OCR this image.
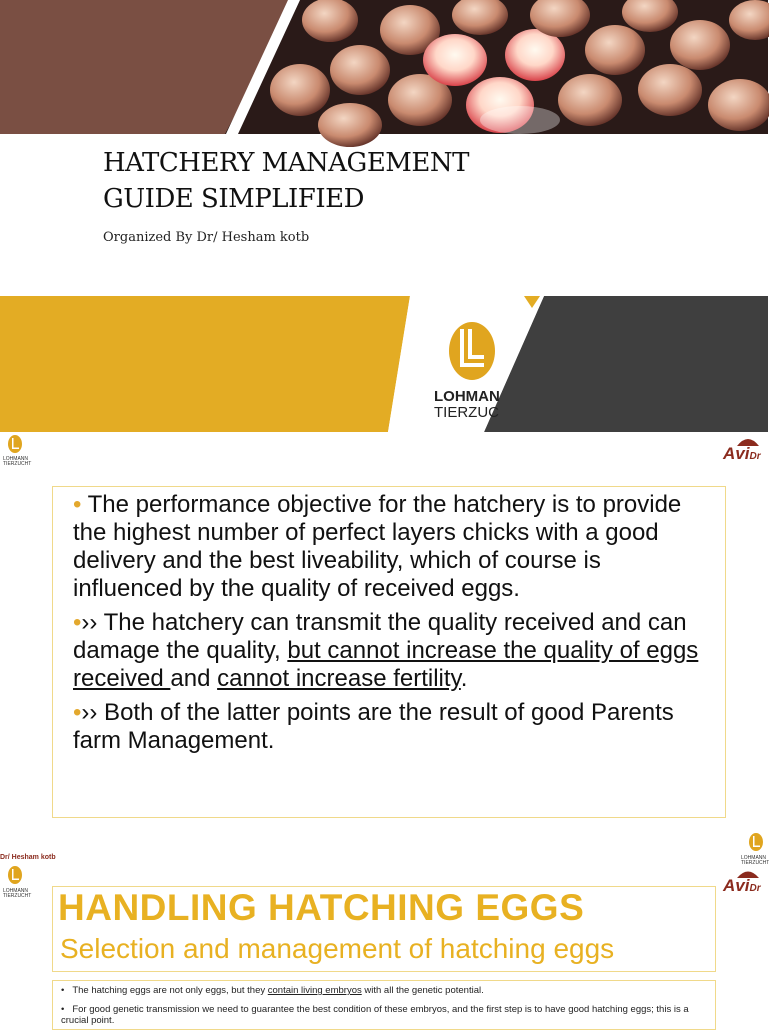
HATCHERY MANAGEMENT
GUIDE SIMPLIFIED
Organized By Dr/ Hesham kotb
LOHMAN
TIERZUC
LOHMANN
TIERZUCHT
AviDr
• The performance objective for the hatchery is to provide the highest number of perfect layers chicks with a good delivery and the best liveability, which of course is influenced by the quality of received eggs.
•›› The hatchery can transmit the quality received and can damage the quality, but cannot increase the quality of eggs received and cannot increase fertility.
•›› Both of the latter points are the result of good Parents farm Management.
Dr/ Hesham kotb
LOHMANN
TIERZUCHT
LOHMANN
TIERZUCHT
AviDr
HANDLING HATCHING EGGS
Selection and management of hatching eggs
• The hatching eggs are not only eggs, but they contain living embryos with all the genetic potential.
• For good genetic transmission we need to guarantee the best condition of these embryos, and the first step is to have good hatching eggs; this is a crucial point.
